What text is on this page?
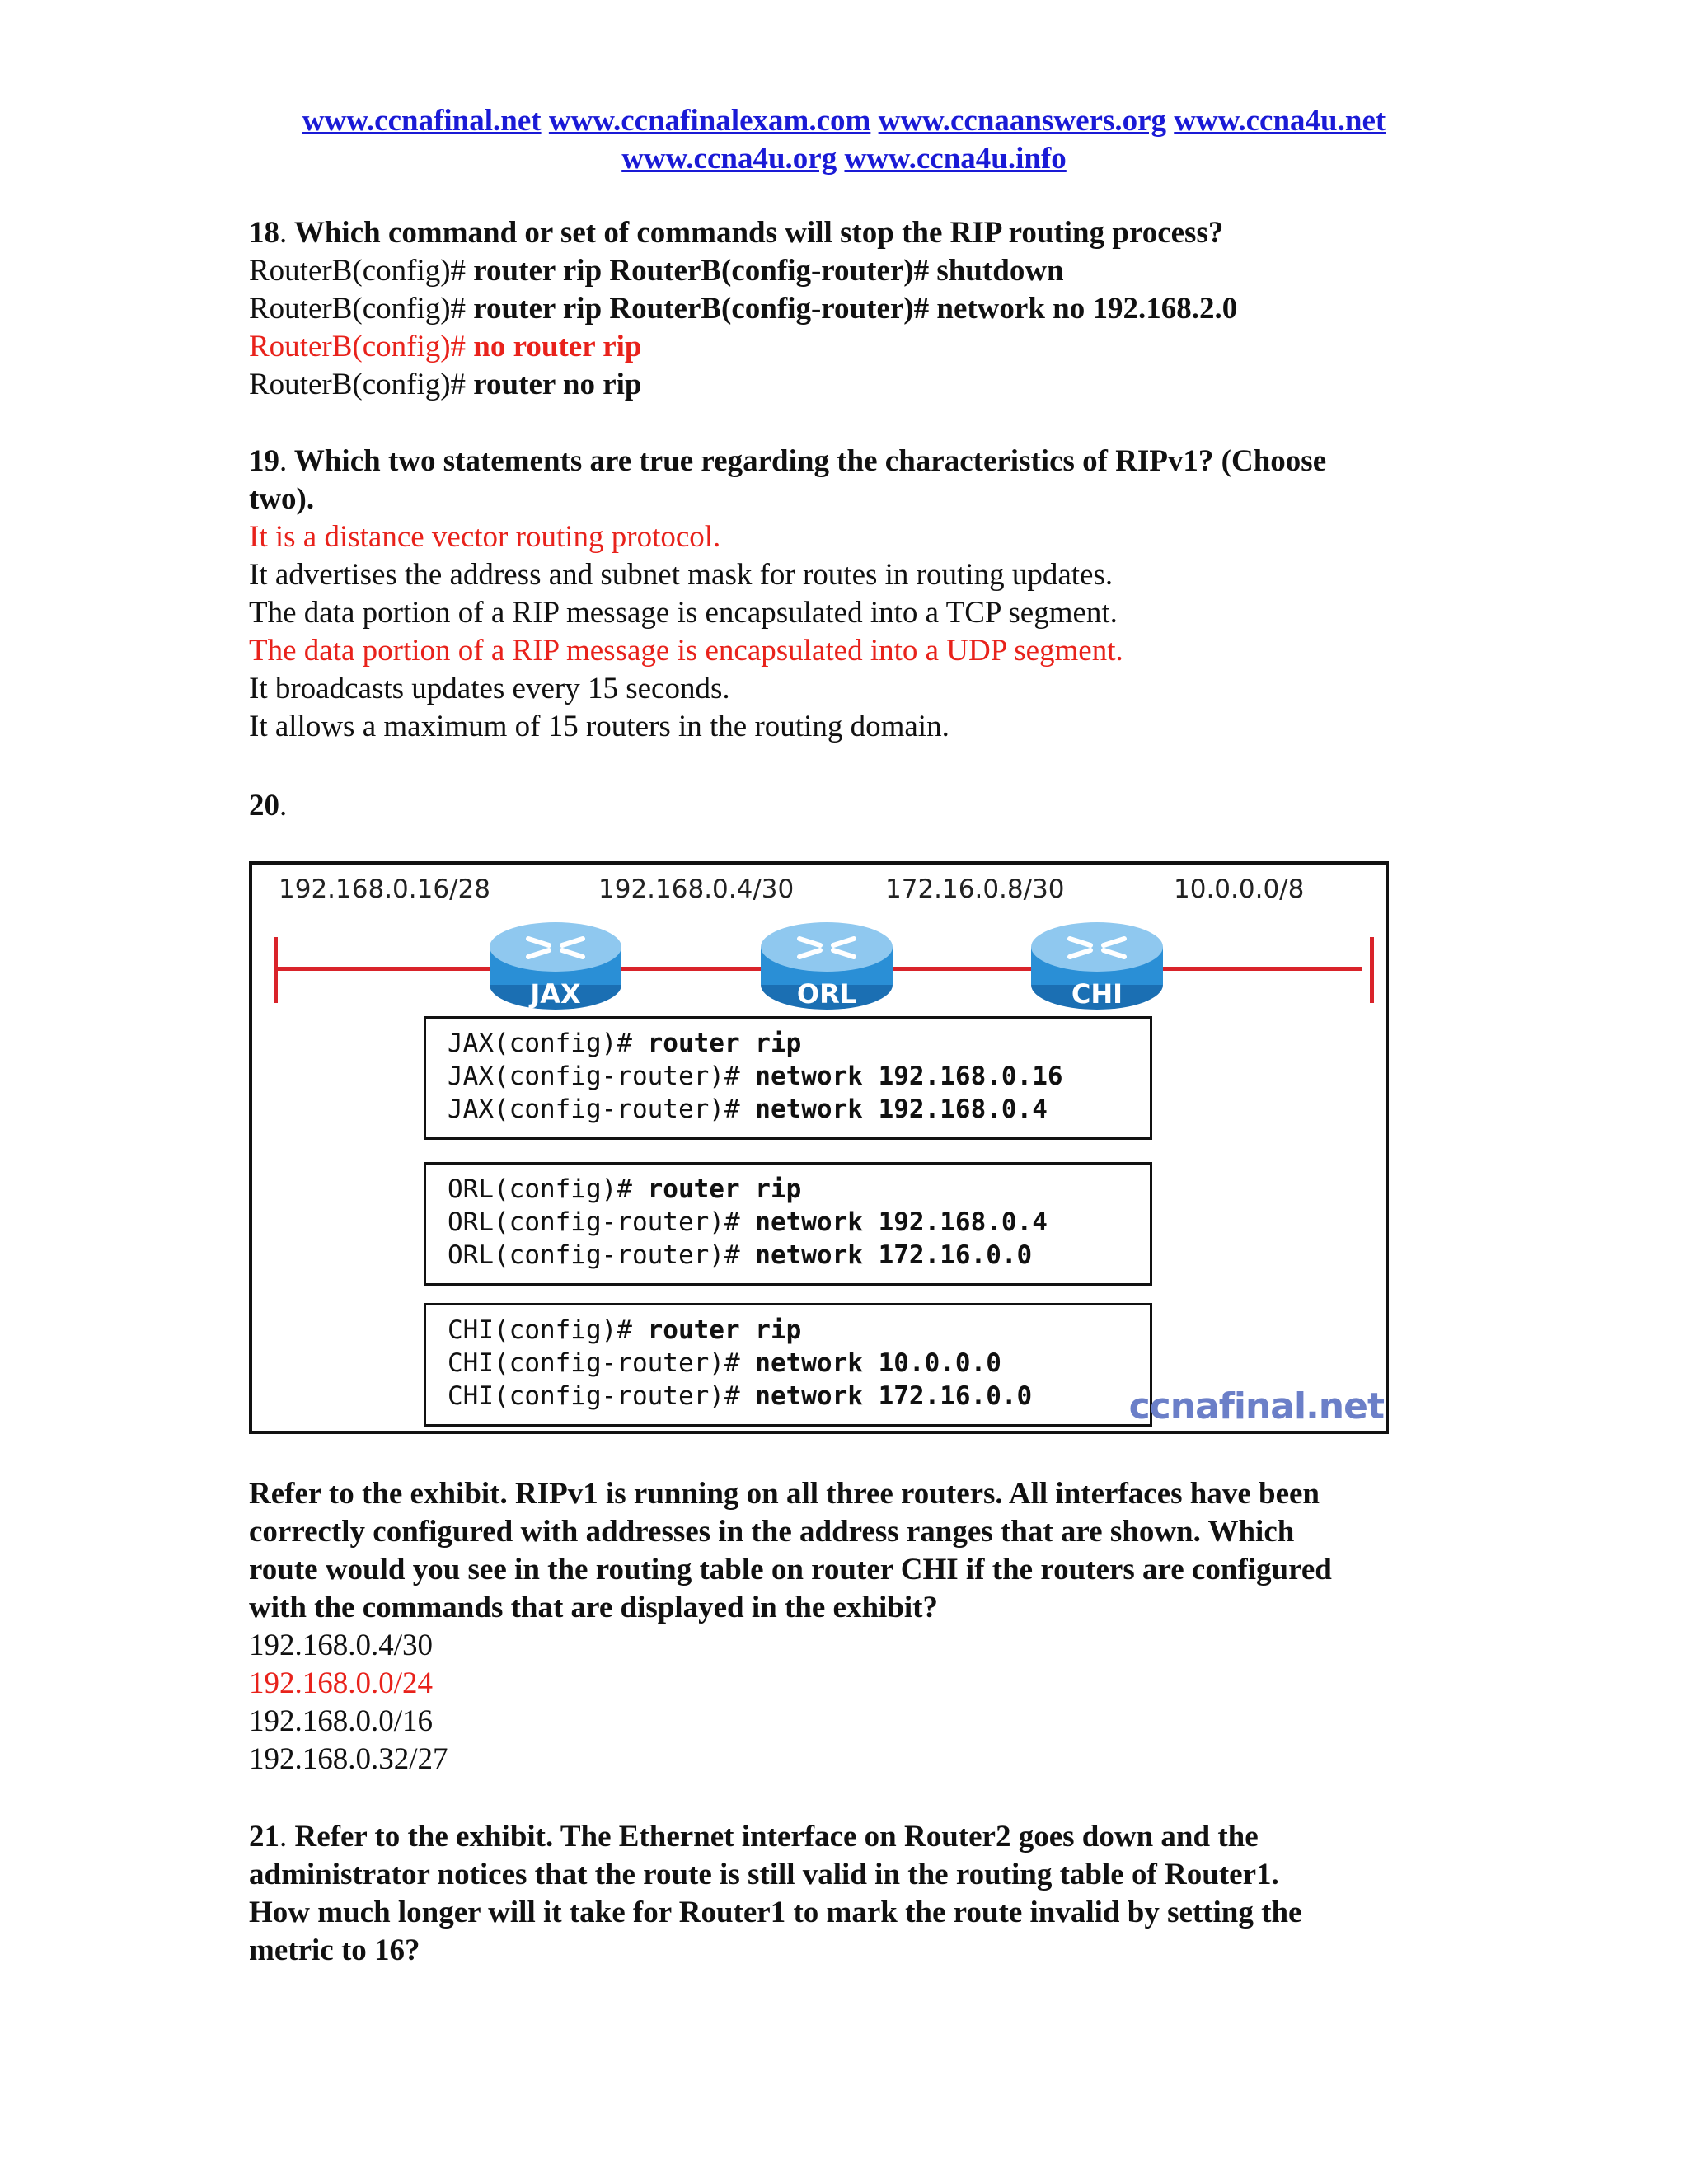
www.ccnafinal.net www.ccnafinalexam.com www.ccnaanswers.org www.ccna4u.net
www.ccna4u.org www.ccna4u.info
18. Which command or set of commands will stop the RIP routing process?
RouterB(config)# router rip RouterB(config-router)# shutdown
RouterB(config)# router rip RouterB(config-router)# network no 192.168.2.0
RouterB(config)# no router rip
RouterB(config)# router no rip
19. Which two statements are true regarding the characteristics of RIPv1? (Choose
two).
It is a distance vector routing protocol.
It advertises the address and subnet mask for routes in routing updates.
The data portion of a RIP message is encapsulated into a TCP segment.
The data portion of a RIP message is encapsulated into a UDP segment.
It broadcasts updates every 15 seconds.
It allows a maximum of 15 routers in the routing domain.
20.
192.168.0.16/28	192.168.0.4/30	172.16.0.8/30	10.0.0.0/8
JAX	ORL	CHI
JAX(config)# router rip
JAX(config-router)# network 192.168.0.16
JAX(config-router)# network 192.168.0.4
ORL(config)# router rip
ORL(config-router)# network 192.168.0.4
ORL(config-router)# network 172.16.0.0
CHI(config)# router rip
CHI(config-router)# network 10.0.0.0
CHI(config-router)# network 172.16.0.0	ccnafinal.net
Refer to the exhibit. RIPv1 is running on all three routers. All interfaces have been
correctly configured with addresses in the address ranges that are shown. Which
route would you see in the routing table on router CHI if the routers are configured
with the commands that are displayed in the exhibit?
192.168.0.4/30
192.168.0.0/24
192.168.0.0/16
192.168.0.32/27
21. Refer to the exhibit. The Ethernet interface on Router2 goes down and the
administrator notices that the route is still valid in the routing table of Router1.
How much longer will it take for Router1 to mark the route invalid by setting the
metric to 16?
